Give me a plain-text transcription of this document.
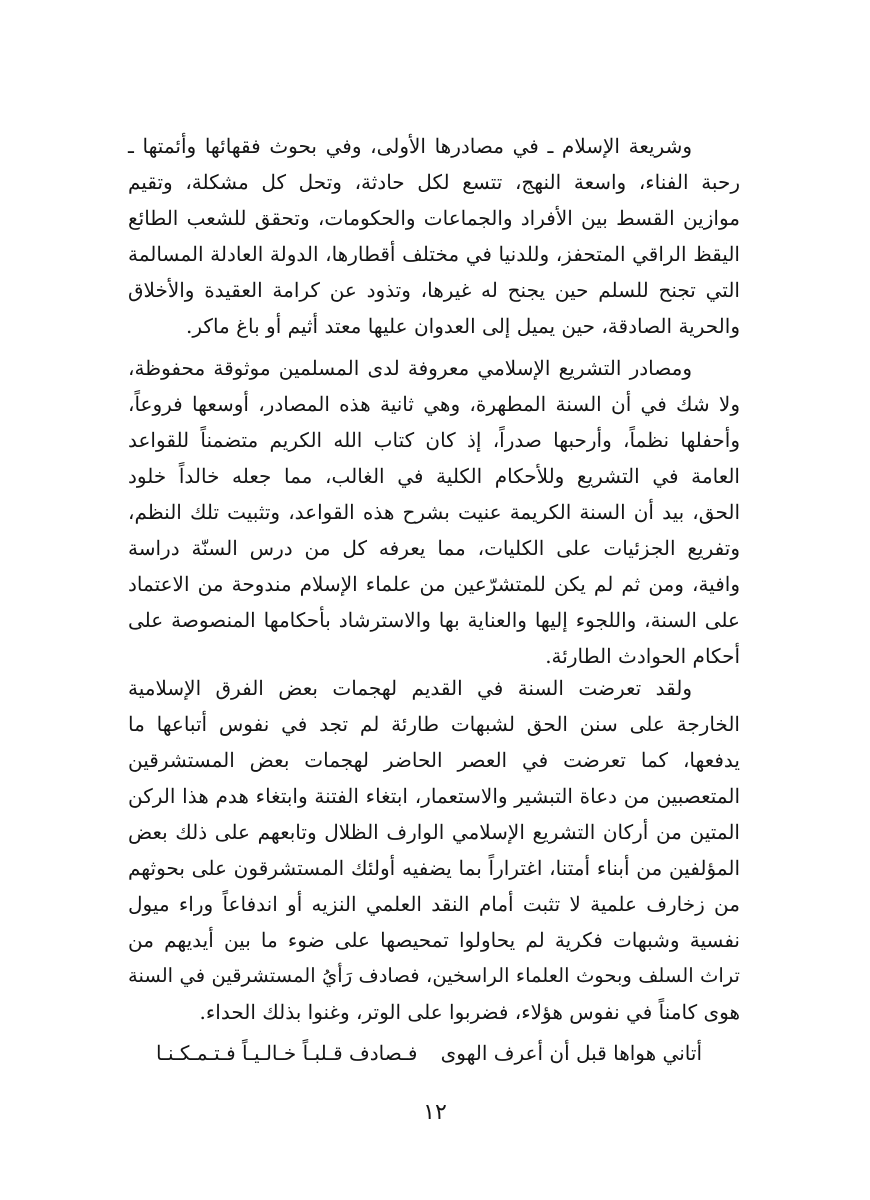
وشريعة الإسلام ـ في مصادرها الأولى، وفي بحوث فقهائها وأئمتها ـ
رحبة الفناء، واسعة النهج، تتسع لكل حادثة، وتحل كل مشكلة، وتقيم
موازين القسط بين الأفراد والجماعات والحكومات، وتحقق للشعب الطائع
اليقظ الراقي المتحفز، وللدنيا في مختلف أقطارها، الدولة العادلة المسالمة
التي تجنح للسلم حين يجنح له غيرها، وتذود عن كرامة العقيدة والأخلاق
والحرية الصادقة، حين يميل إلى العدوان عليها معتد أثيم أو باغ ماكر.
ومصادر التشريع الإسلامي معروفة لدى المسلمين موثوقة محفوظة،
ولا شك في أن السنة المطهرة، وهي ثانية هذه المصادر، أوسعها فروعاً،
وأحفلها نظماً، وأرحبها صدراً، إذ كان كتاب الله الكريم متضمناً للقواعد
العامة في التشريع وللأحكام الكلية في الغالب، مما جعله خالداً خلود
الحق، بيد أن السنة الكريمة عنيت بشرح هذه القواعد، وتثبيت تلك النظم،
وتفريع الجزئيات على الكليات، مما يعرفه كل من درس السنّة دراسة
وافية، ومن ثم لم يكن للمتشرّعين من علماء الإسلام مندوحة من الاعتماد
على السنة، واللجوء إليها والعناية بها والاسترشاد بأحكامها المنصوصة على
أحكام الحوادث الطارئة.
ولقد تعرضت السنة في القديم لهجمات بعض الفرق الإسلامية
الخارجة على سنن الحق لشبهات طارئة لم تجد في نفوس أتباعها ما
يدفعها، كما تعرضت في العصر الحاضر لهجمات بعض المستشرقين
المتعصبين من دعاة التبشير والاستعمار، ابتغاء الفتنة وابتغاء هدم هذا الركن
المتين من أركان التشريع الإسلامي الوارف الظلال وتابعهم على ذلك بعض
المؤلفين من أبناء أمتنا، اغتراراً بما يضفيه أولئك المستشرقون على بحوثهم
من زخارف علمية لا تثبت أمام النقد العلمي النزيه أو اندفاعاً وراء ميول
نفسية وشبهات فكرية لم يحاولوا تمحيصها على ضوء ما بين أيديهم من
تراث السلف وبحوث العلماء الراسخين، فصادف رَأيُ المستشرقين في السنة
هوى كامناً في نفوس هؤلاء، فضربوا على الوتر، وغنوا بذلك الحداء.
أتاني هواها قبل أن أعرف الهوى
فـصادف قـلبـاً خـالـيـاً فـتـمـكـنـا
١٢
